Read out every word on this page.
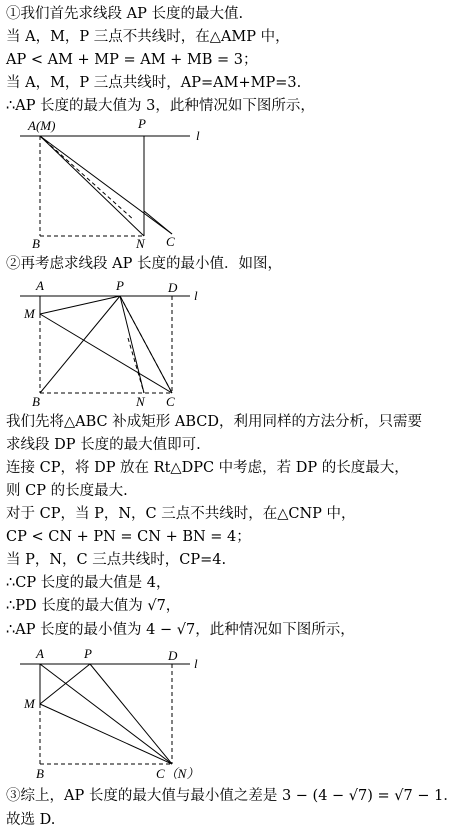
①我们首先求线段 AP 长度的最大值.
当 A，M，P 三点不共线时，在△AMP 中，
AP < AM + MP = AM + MB = 3；
当 A，M，P 三点共线时，AP=AM+MP=3.
∴AP 长度的最大值为 3，此种情况如下图所示，
A(M)	P
l
B	N C
②再考虑求线段 AP 长度的最小值．如图，
A	P	D
l
M
B	N C
我们先将△ABC 补成矩形 ABCD，利用同样的方法分析，只需要
求线段 DP 长度的最大值即可.
连接 CP，将 DP 放在 Rt△DPC 中考虑，若 DP 的长度最大，
则 CP 的长度最大.
对于 CP，当 P，N，C 三点不共线时，在△CNP 中，
CP < CN + PN = CN + BN = 4；
当 P，N，C 三点共线时，CP=4.
∴CP 长度的最大值是 4，
∴PD 长度的最大值为 √7，
∴AP 长度的最小值为 4 − √7，此种情况如下图所示，
A	P	D
l
M
B	C（N）
③综上，AP 长度的最大值与最小值之差是 3 − (4 − √7) = √7 − 1．
故选 D.
